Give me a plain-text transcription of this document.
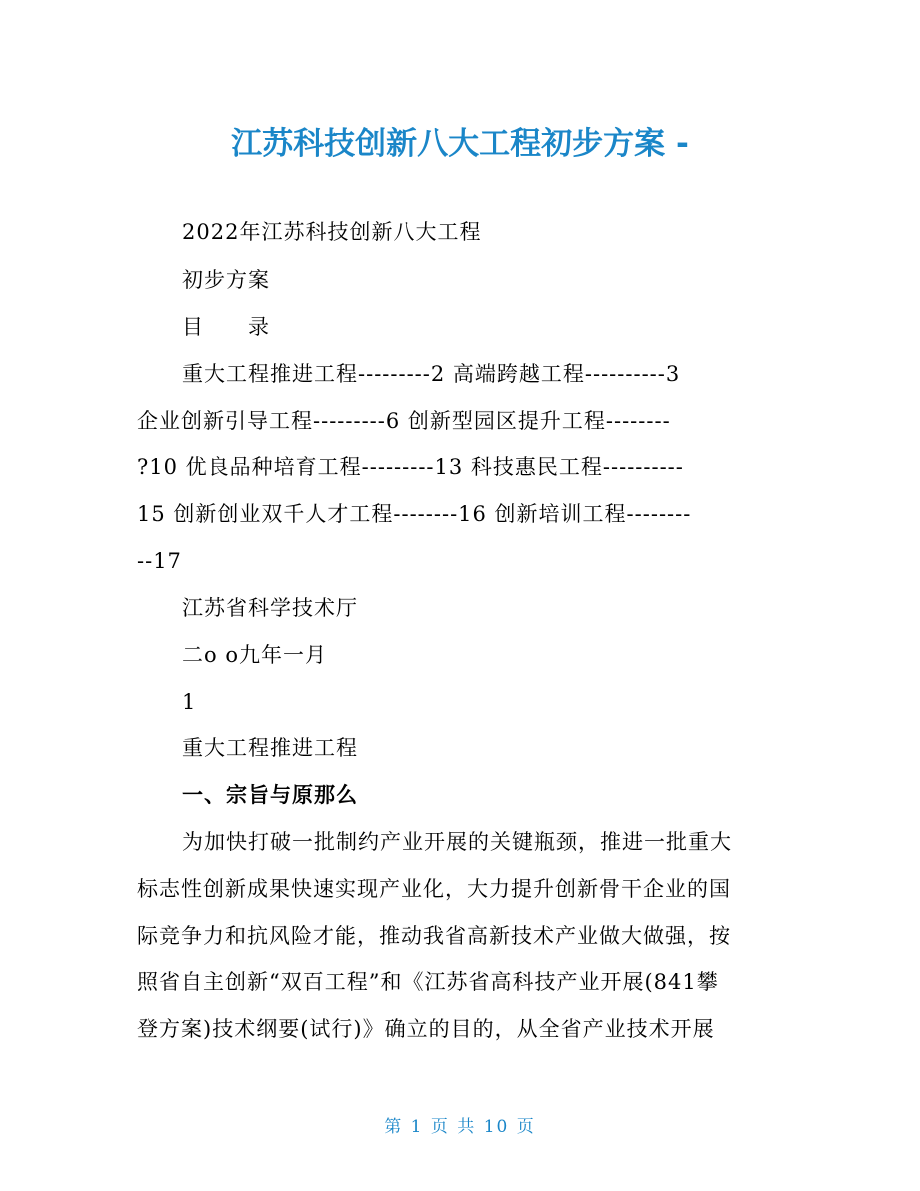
江苏科技创新八大工程初步方案 -
2022年江苏科技创新八大工程
初步方案
目　　录
重大工程推进工程---------2 高端跨越工程----------3
企业创新引导工程---------6 创新型园区提升工程--------
?10 优良品种培育工程---------13 科技惠民工程----------
15 创新创业双千人才工程--------16 创新培训工程--------
--17
江苏省科学技术厅
二o o九年一月
1
重大工程推进工程
一、宗旨与原那么
为加快打破一批制约产业开展的关键瓶颈，推进一批重大
标志性创新成果快速实现产业化，大力提升创新骨干企业的国
际竞争力和抗风险才能，推动我省高新技术产业做大做强，按
照省自主创新“双百工程”和《江苏省高科技产业开展(841攀
登方案)技术纲要(试行)》确立的目的，从全省产业技术开展
第 1 页 共 10 页
